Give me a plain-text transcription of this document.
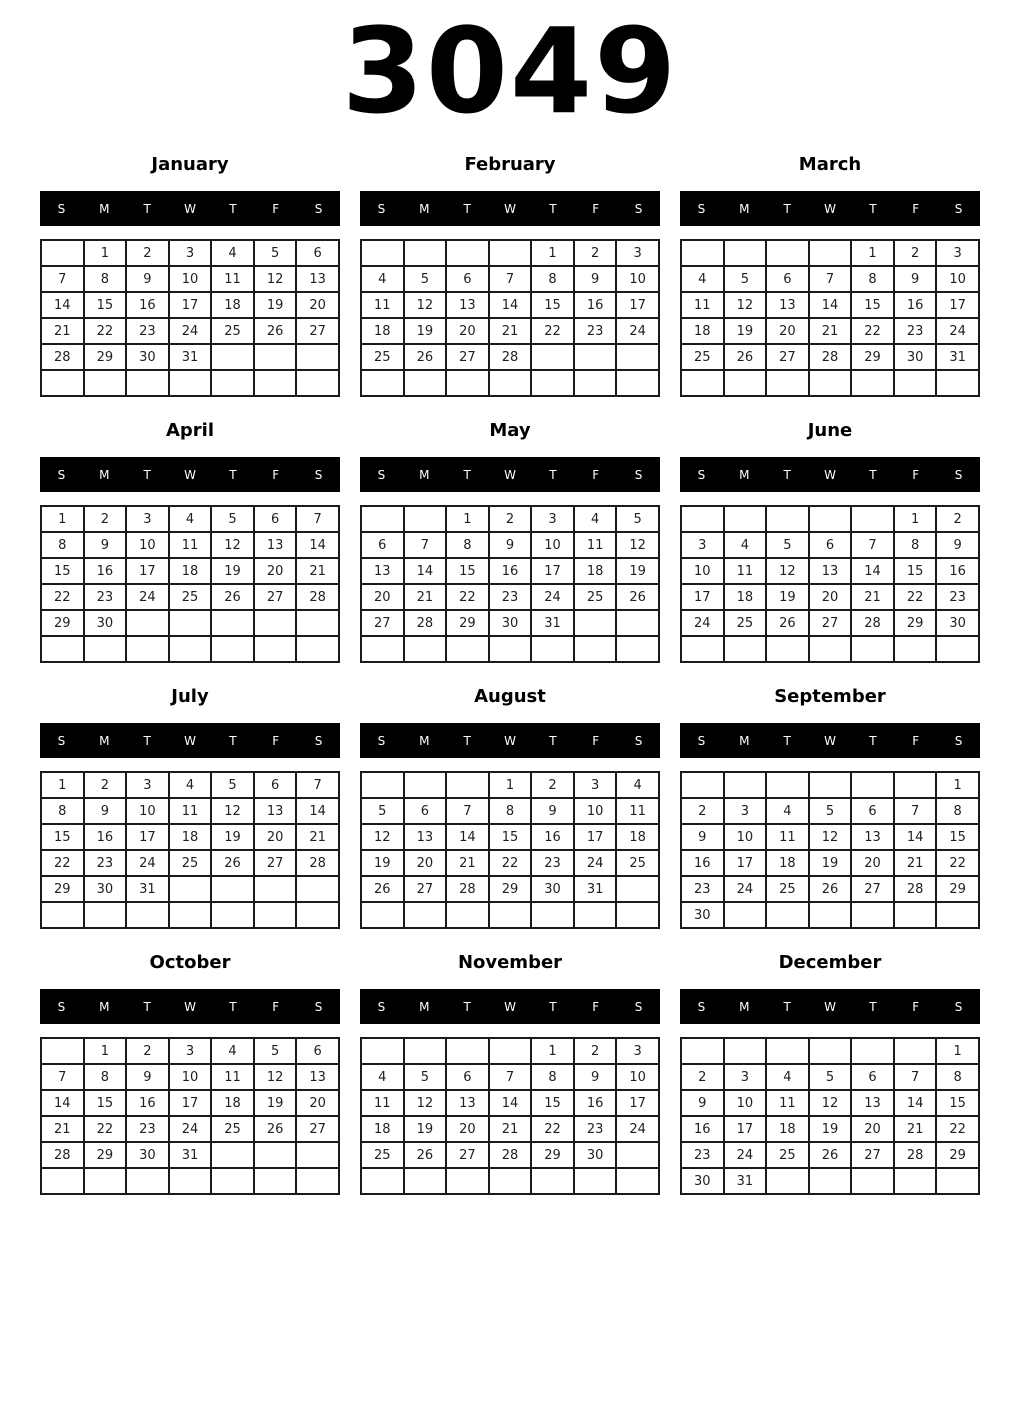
3049
January
S	M	T	W	T	F	S
	1	2	3	4	5	6
7	8	9	10	11	12	13
14	15	16	17	18	19	20
21	22	23	24	25	26	27
28	29	30	31			

February
S	M	T	W	T	F	S
				1	2	3
4	5	6	7	8	9	10
11	12	13	14	15	16	17
18	19	20	21	22	23	24
25	26	27	28			

March
S	M	T	W	T	F	S
				1	2	3
4	5	6	7	8	9	10
11	12	13	14	15	16	17
18	19	20	21	22	23	24
25	26	27	28	29	30	31

April
S	M	T	W	T	F	S
1	2	3	4	5	6	7
8	9	10	11	12	13	14
15	16	17	18	19	20	21
22	23	24	25	26	27	28
29	30					

May
S	M	T	W	T	F	S
		1	2	3	4	5
6	7	8	9	10	11	12
13	14	15	16	17	18	19
20	21	22	23	24	25	26
27	28	29	30	31		

June
S	M	T	W	T	F	S
					1	2
3	4	5	6	7	8	9
10	11	12	13	14	15	16
17	18	19	20	21	22	23
24	25	26	27	28	29	30

July
S	M	T	W	T	F	S
1	2	3	4	5	6	7
8	9	10	11	12	13	14
15	16	17	18	19	20	21
22	23	24	25	26	27	28
29	30	31				

August
S	M	T	W	T	F	S
			1	2	3	4
5	6	7	8	9	10	11
12	13	14	15	16	17	18
19	20	21	22	23	24	25
26	27	28	29	30	31	

September
S	M	T	W	T	F	S
						1
2	3	4	5	6	7	8
9	10	11	12	13	14	15
16	17	18	19	20	21	22
23	24	25	26	27	28	29
30						
October
S	M	T	W	T	F	S
	1	2	3	4	5	6
7	8	9	10	11	12	13
14	15	16	17	18	19	20
21	22	23	24	25	26	27
28	29	30	31			

November
S	M	T	W	T	F	S
				1	2	3
4	5	6	7	8	9	10
11	12	13	14	15	16	17
18	19	20	21	22	23	24
25	26	27	28	29	30	

December
S	M	T	W	T	F	S
						1
2	3	4	5	6	7	8
9	10	11	12	13	14	15
16	17	18	19	20	21	22
23	24	25	26	27	28	29
30	31					
